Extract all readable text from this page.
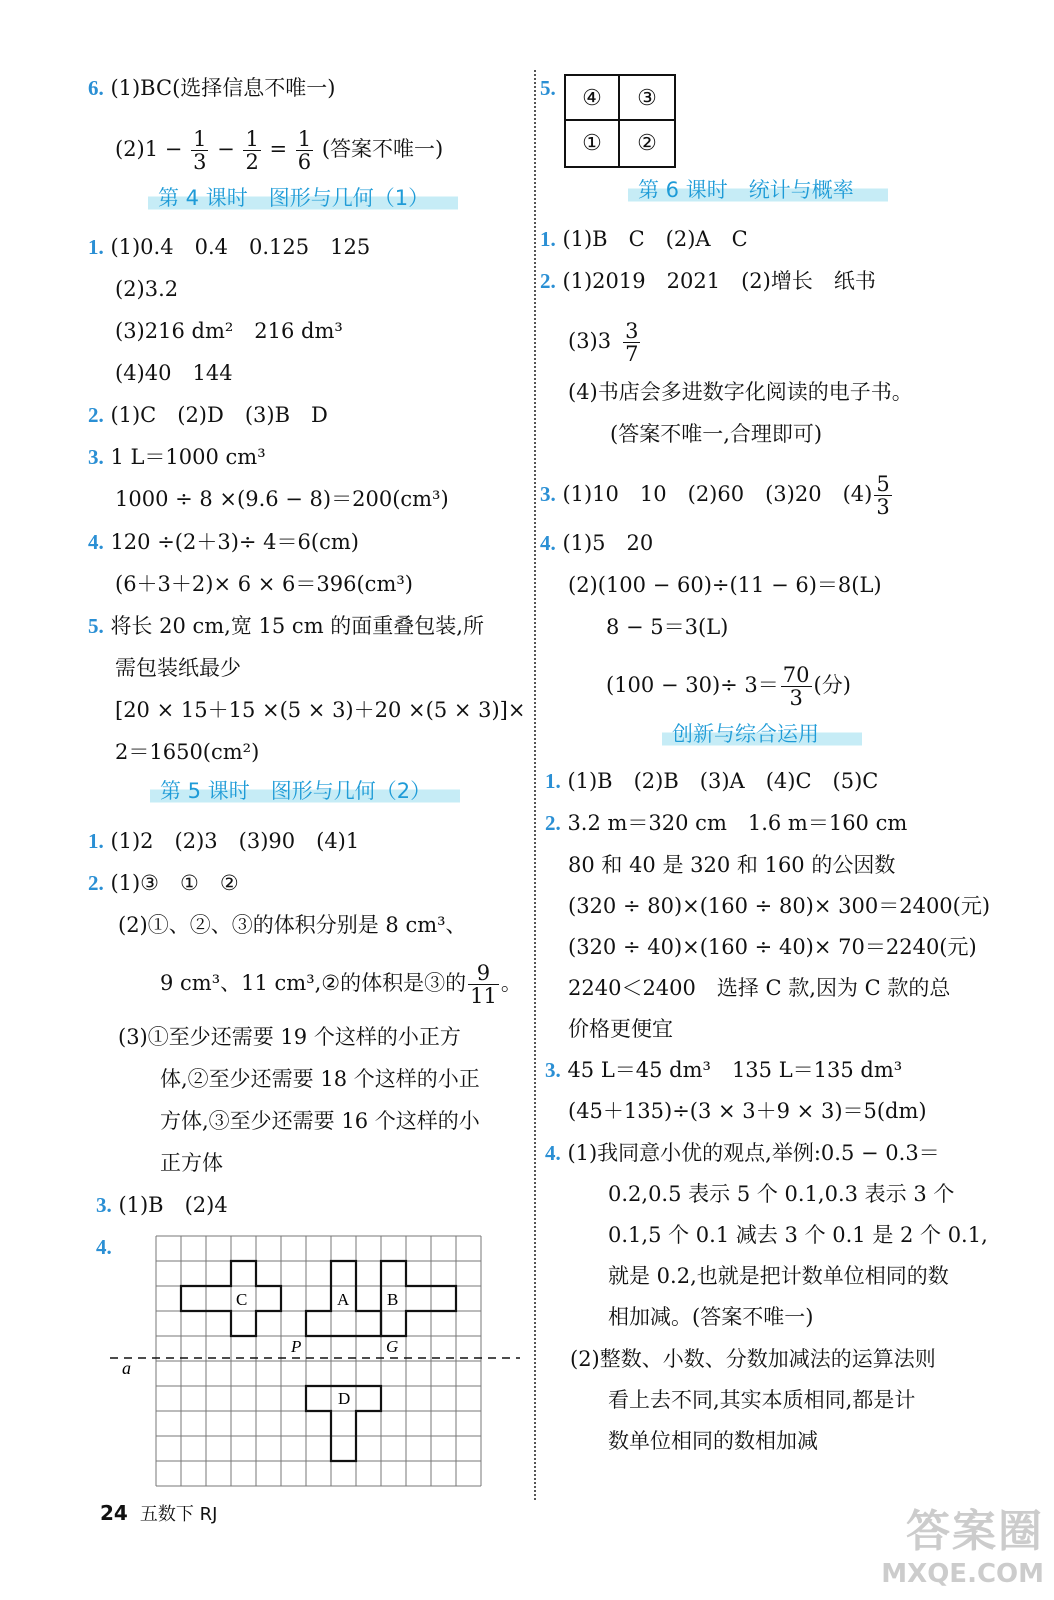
6. (1)BC(选择信息不唯一)
$(2)1 - \frac{1}{3} - \frac{1}{2} = \frac{1}{6}$ (答案不唯一)
第 4 课时　图形与几何（1）
1. (1)0.4　0.4　0.125　125
(2)3.2
(3)216 dm²　216 dm³
(4)40　144
2. (1)C　(2)D　(3)B　D
3. 1 L＝1000 cm³
1000 ÷ 8 ×(9.6 − 8)＝200(cm³)
4. 120 ÷(2＋3)÷ 4＝6(cm)
(6＋3＋2)× 6 × 6＝396(cm³)
5. 将长 20 cm,宽 15 cm 的面重叠包装,所
需包装纸最少
[20 × 15＋15 ×(5 × 3)＋20 ×(5 × 3)]×
2＝1650(cm²)
第 5 课时　图形与几何（2）
1. (1)2　(2)3　(3)90　(4)1
2. (1)③　①　②
(2)①、②、③的体积分别是 8 cm³、
9 cm³、11 cm³,②的体积是③的 $\frac{9}{11}$ 。
(3)①至少还需要 19 个这样的小正方
体,②至少还需要 18 个这样的小正
方体,③至少还需要 16 个这样的小
正方体
3. (1)B　(2)4
4.
a
C	A B
D
P	G
5.	④	③
①	②
第 6 课时　统计与概率
1. (1)B　C　(2)A　C
2. (1)2019　2021　(2)增长　纸书
$(3)3 \frac{3}{7}$
(4)书店会多进数字化阅读的电子书。
(答案不唯一,合理即可)
3. (1)10　10　(2)60　(3)20　$(4) \frac{5}{3}$
4. (1)5　20
(2)(100 − 60)÷(11 − 6)＝8(L)
8 − 5＝3(L)
$(100 - 30)\div 3= \frac{70}{3}$ (分)
创新与综合运用
1. (1)B　(2)B　(3)A　(4)C　(5)C
2. 3.2 m＝320 cm　1.6 m＝160 cm
80 和 40 是 320 和 160 的公因数
(320 ÷ 80)×(160 ÷ 80)× 300＝2400(元)
(320 ÷ 40)×(160 ÷ 40)× 70＝2240(元)
2240＜2400　选择 C 款,因为 C 款的总
价格更便宜
3. 45 L＝45 dm³　135 L＝135 dm³
(45＋135)÷(3 × 3＋9 × 3)＝5(dm)
4. (1)我同意小优的观点,举例:0.5 − 0.3＝
0.2,0.5 表示 5 个 0.1,0.3 表示 3 个
0.1,5 个 0.1 减去 3 个 0.1 是 2 个 0.1,
就是 0.2,也就是把计数单位相同的数
相加减。(答案不唯一)
(2)整数、小数、分数加减法的运算法则
看上去不同,其实本质相同,都是计
数单位相同的数相加减
24 五数下 RJ	答案圈
MXQE.COM
